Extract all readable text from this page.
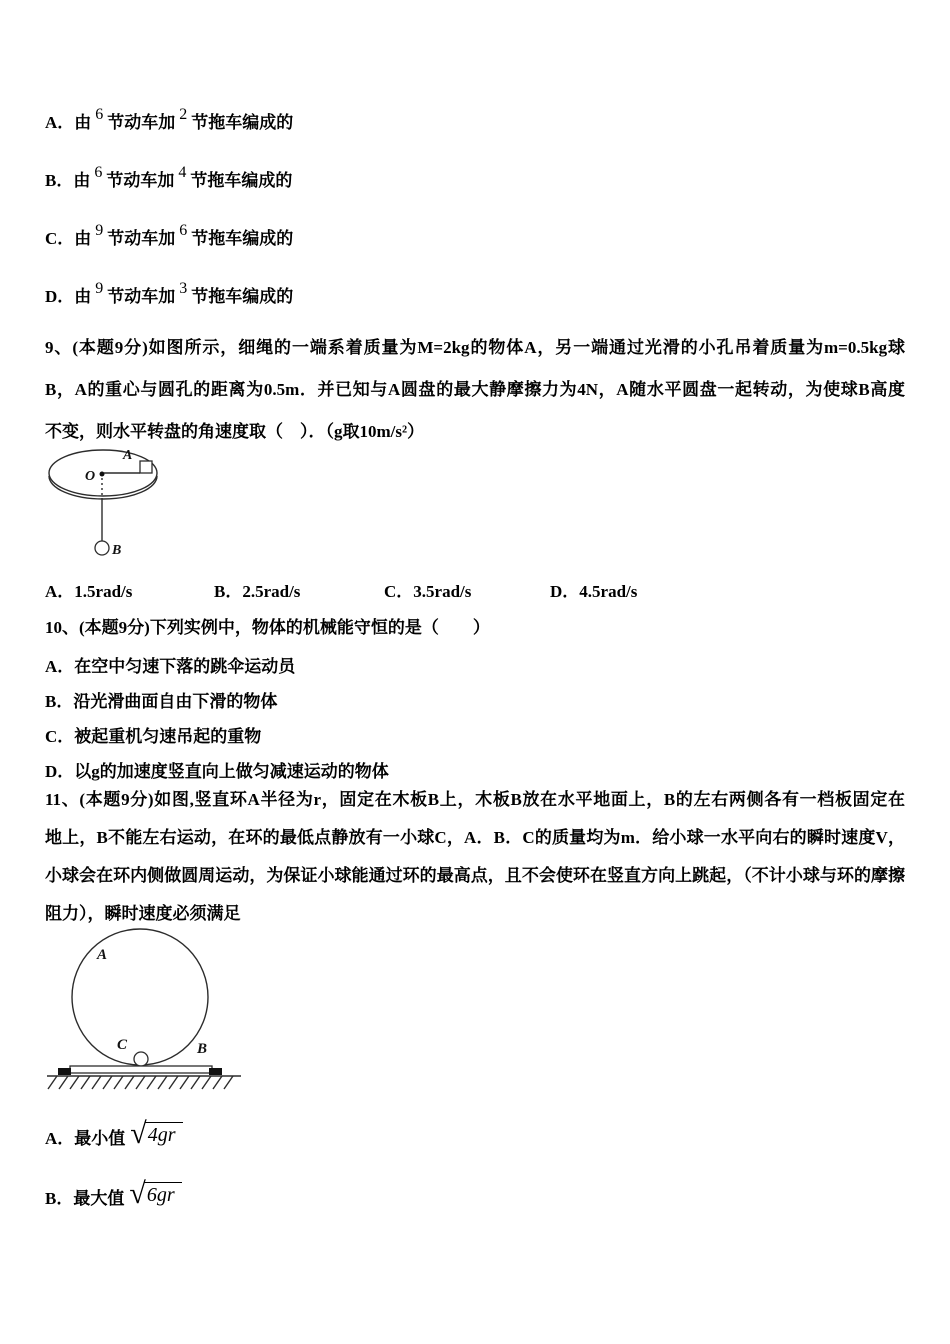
A．由 6 节动车加 2 节拖车编成的
B．由 6 节动车加 4 节拖车编成的
C．由 9 节动车加 6 节拖车编成的
D．由 9 节动车加 3 节拖车编成的
9、(本题9分)如图所示，细绳的一端系着质量为M=2kg的物体A，另一端通过光滑的小孔吊着质量为m=0.5kg球
B，A的重心与圆孔的距离为0.5m．并已知与A圆盘的最大静摩擦力为4N，A随水平圆盘一起转动，为使球B高度
不变，则水平转盘的角速度取（　）．（g取10m/s²）
O
A
B
A．1.5rad/s	B．2.5rad/s	C．3.5rad/s	D．4.5rad/s
10、(本题9分)下列实例中，物体的机械能守恒的是（　　）
A．在空中匀速下落的跳伞运动员
B．沿光滑曲面自由下滑的物体
C．被起重机匀速吊起的重物
D．以g的加速度竖直向上做匀减速运动的物体
11、(本题9分)如图,竖直环A半径为r，固定在木板B上，木板B放在水平地面上，B的左右两侧各有一档板固定在
地上，B不能左右运动，在环的最低点静放有一小球C，A．B．C的质量均为m．给小球一水平向右的瞬时速度V，
小球会在环内侧做圆周运动，为保证小球能通过环的最高点，且不会使环在竖直方向上跳起，（不计小球与环的摩擦
阻力），瞬时速度必须满足
A
C	B
A． 最小值 √ 4gr
B． 最大值 √ 6gr
